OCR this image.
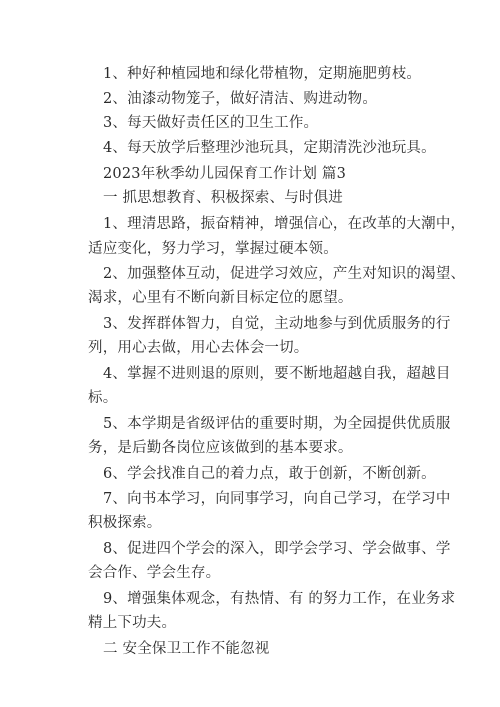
1、种好种植园地和绿化带植物，定期施肥剪枝。
2、油漆动物笼子，做好清洁、购进动物。
3、每天做好责任区的卫生工作。
4、每天放学后整理沙池玩具，定期清洗沙池玩具。
2023年秋季幼儿园保育工作计划 篇3
一 抓思想教育、积极探索、与时俱进
1、理清思路，振奋精神，增强信心，在改革的大潮中，
适应变化，努力学习，掌握过硬本领。
2、加强整体互动，促进学习效应，产生对知识的渴望、
渴求，心里有不断向新目标定位的愿望。
3、发挥群体智力，自觉，主动地参与到优质服务的行
列，用心去做，用心去体会一切。
4、掌握不进则退的原则，要不断地超越自我，超越目
标。
5、本学期是省级评估的重要时期，为全园提供优质服
务，是后勤各岗位应该做到的基本要求。
6、学会找准自己的着力点，敢于创新，不断创新。
7、向书本学习，向同事学习，向自己学习，在学习中
积极探索。
8、促进四个学会的深入，即学会学习、学会做事、学
会合作、学会生存。
9、增强集体观念，有热情、有 的努力工作，在业务求
精上下功夫。
二 安全保卫工作不能忽视
